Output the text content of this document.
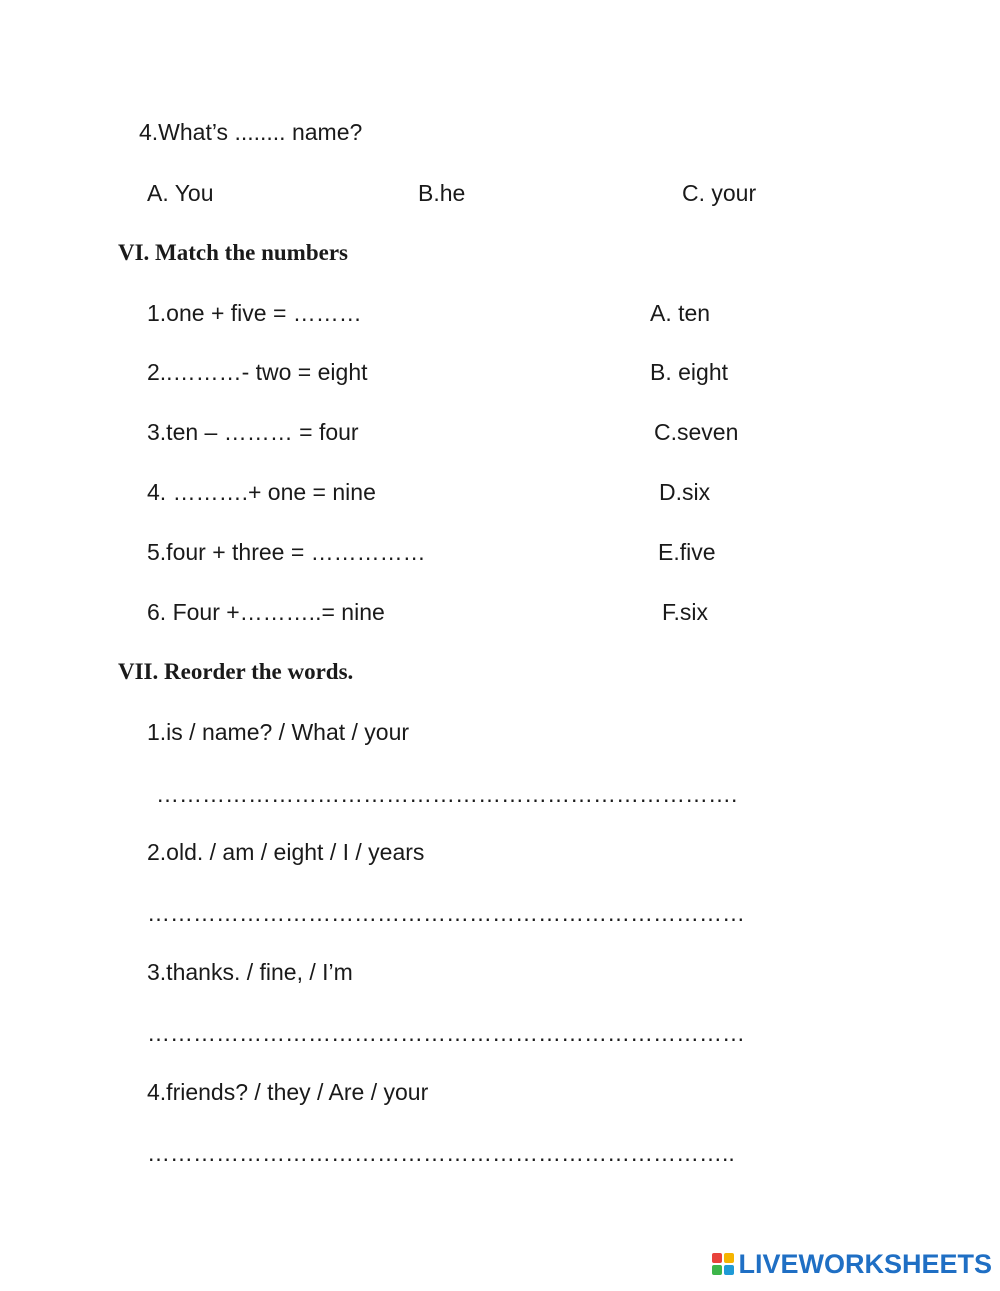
4.What’s ........ name?
A. You	B.he	C. your
VI. Match the numbers
1.one + five = ………
2..………- two = eight
3.ten – ……… = four
4. ……….+ one = nine
5.four + three = ……………
6. Four +………..= nine
A. ten
B. eight
C.seven
D.six
E.five
F.six
VII. Reorder the words.
1.is / name? / What / your
………………………………………………………………….
2.old. / am / eight / I / years
……………………………………………………………………
3.thanks. / fine, / I’m
……………………………………………………………………
4.friends? / they / Are / your
…………………………………………………………………..
LIVEWORKSHEETS
